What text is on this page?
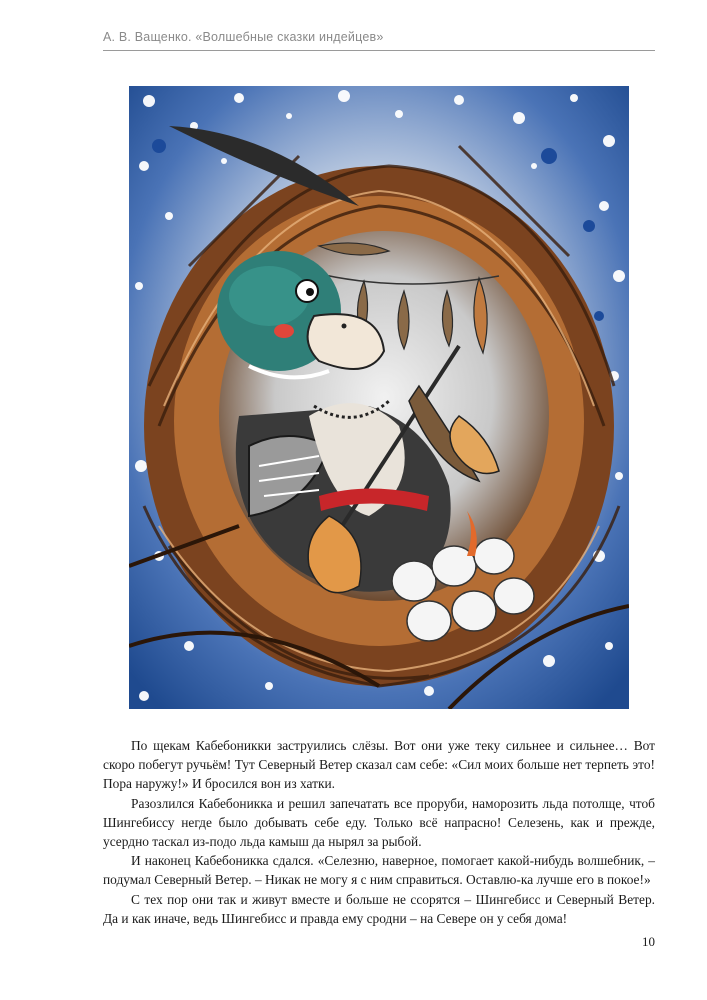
А. В. Ващенко. «Волшебные сказки индейцев»

По щекам Кабебоникки заструились слёзы. Вот они уже теку сильнее и сильнее… Вот скоро побегут ручьём! Тут Северный Ветер сказал сам себе: «Сил моих больше нет терпеть это! Пора наружу!» И бросился вон из хатки.

Разозлился Кабебоникка и решил запечатать все проруби, наморозить льда потолще, чтоб Шингебиссу негде было добывать себе еду. Только всё напрасно! Селезень, как и прежде, усердно таскал из-подо льда камыш да нырял за рыбой.

И наконец Кабебоникка сдался. «Селезню, наверное, помогает какой-нибудь волшебник, – подумал Северный Ветер. – Никак не могу я с ним справиться. Оставлю-ка лучше его в покое!»

С тех пор они так и живут вместе и больше не ссорятся – Шингебисс и Северный Ветер. Да и как иначе, ведь Шингебисс и правда ему сродни – на Севере он у себя дома!

10
